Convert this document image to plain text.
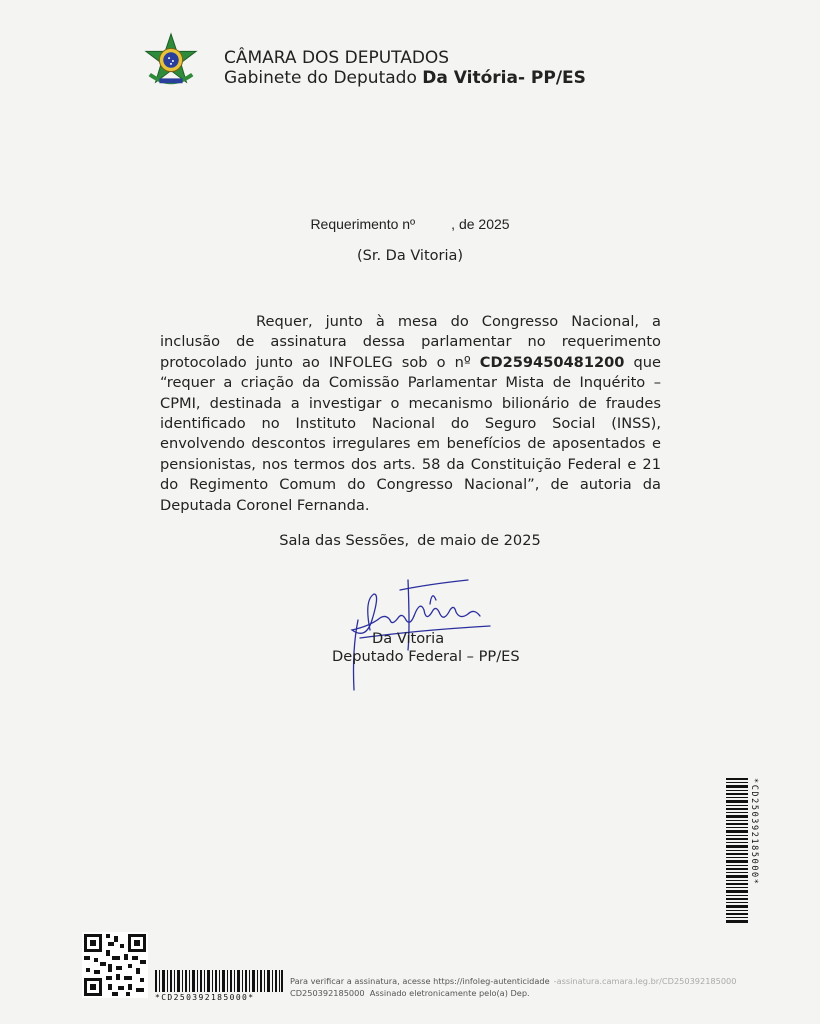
CÂMARA DOS DEPUTADOS
Gabinete do Deputado Da Vitória- PP/ES
Requerimento nº	, de 2025
(Sr. Da Vitoria)

Requer, junto à mesa do Congresso Nacional, a inclusão de assinatura dessa parlamentar no requerimento protocolado junto ao INFOLEG sob o nº CD259450481200 que “requer a criação da Comissão Parlamentar Mista de Inquérito – CPMI, destinada a investigar o mecanismo bilionário de fraudes identificado no Instituto Nacional do Seguro Social (INSS), envolvendo descontos irregulares em benefícios de aposentados e pensionistas, nos termos dos arts. 58 da Constituição Federal e 21 do Regimento Comum do Congresso Nacional”, de autoria da Deputada Coronel Fernanda.

Sala das Sessões, de maio de 2025
Da Vitoria
Deputado Federal – PP/ES
*CD250392185000*
*CD250392185000*
Para verificar a assinatura, acesse https://infoleg-autenticidade -assinatura.camara.leg.br/CD250392185000
CD250392185000 Assinado eletronicamente pelo(a) Dep.
